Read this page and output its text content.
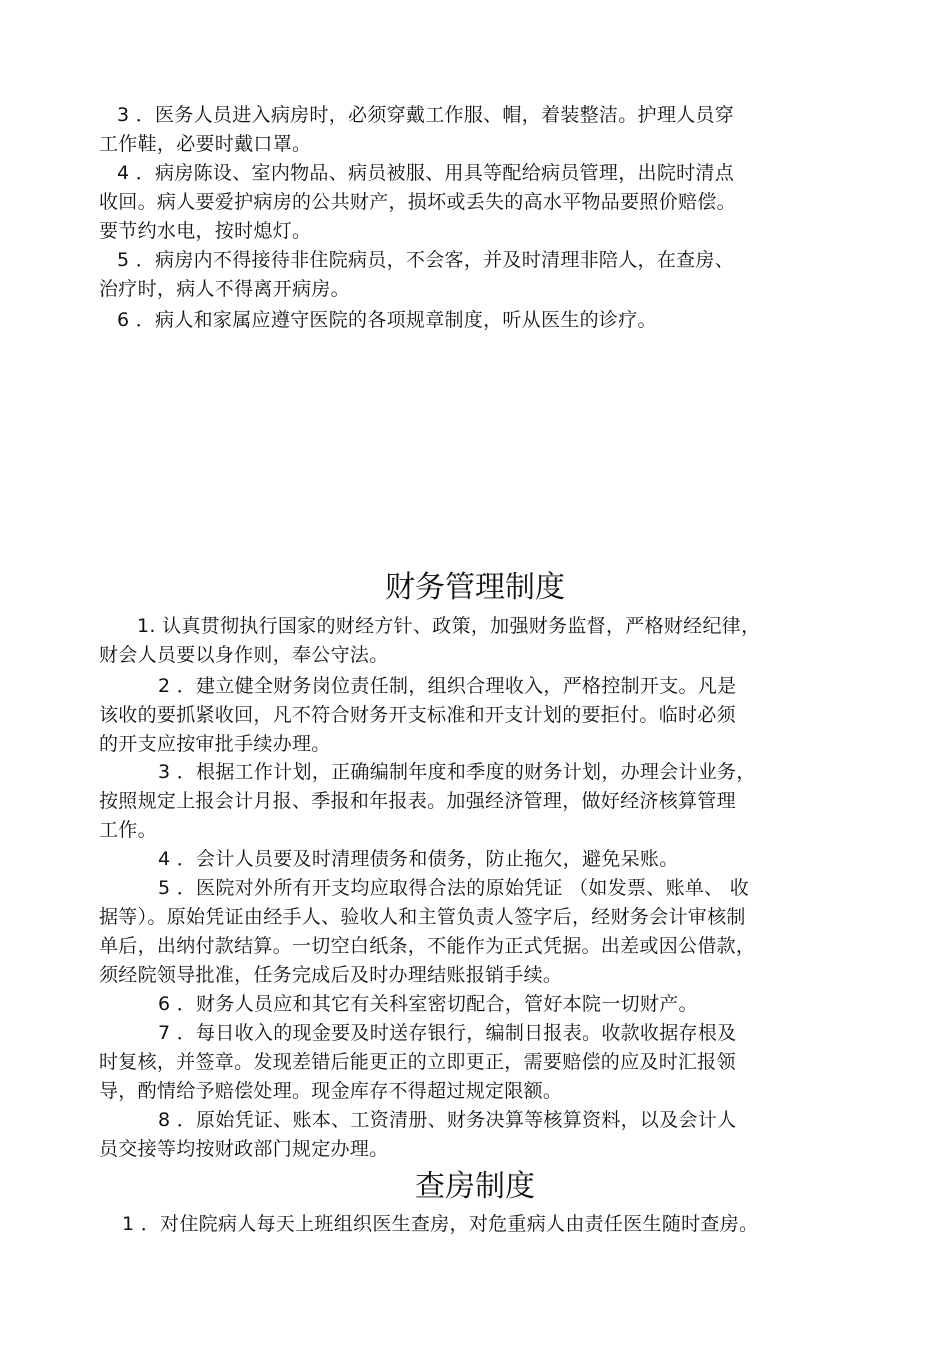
3 ．医务人员进入病房时，必须穿戴工作服、帽，着装整洁。护理人员穿
工作鞋，必要时戴口罩。
4 ．病房陈设、室内物品、病员被服、用具等配给病员管理，出院时清点
收回。病人要爱护病房的公共财产，损坏或丢失的高水平物品要照价赔偿。
要节约水电，按时熄灯。
5 ．病房内不得接待非住院病员，不会客，并及时清理非陪人，在查房、
治疗时，病人不得离开病房。
6 ．病人和家属应遵守医院的各项规章制度，听从医生的诊疗。
财务管理制度
1. 认真贯彻执行国家的财经方针、政策，加强财务监督，严格财经纪律，
财会人员要以身作则，奉公守法。
2 ．建立健全财务岗位责任制，组织合理收入，严格控制开支。凡是
该收的要抓紧收回，凡不符合财务开支标准和开支计划的要拒付。临时必须
的开支应按审批手续办理。
3 ．根据工作计划，正确编制年度和季度的财务计划，办理会计业务，
按照规定上报会计月报、季报和年报表。加强经济管理，做好经济核算管理
工作。
4 ．会计人员要及时清理债务和债务，防止拖欠，避免呆账。
5 ．医院对外所有开支均应取得合法的原始凭证 （如发票、账单、 收
据等）。原始凭证由经手人、验收人和主管负责人签字后，经财务会计审核制
单后，出纳付款结算。一切空白纸条，不能作为正式凭据。出差或因公借款，
须经院领导批准，任务完成后及时办理结账报销手续。
6 ．财务人员应和其它有关科室密切配合，管好本院一切财产。
7 ．每日收入的现金要及时送存银行，编制日报表。收款收据存根及
时复核，并签章。发现差错后能更正的立即更正，需要赔偿的应及时汇报领
导，酌情给予赔偿处理。现金库存不得超过规定限额。
8 ．原始凭证、账本、工资清册、财务决算等核算资料，以及会计人
员交接等均按财政部门规定办理。
查房制度
1 ．对住院病人每天上班组织医生查房，对危重病人由责任医生随时查房。
